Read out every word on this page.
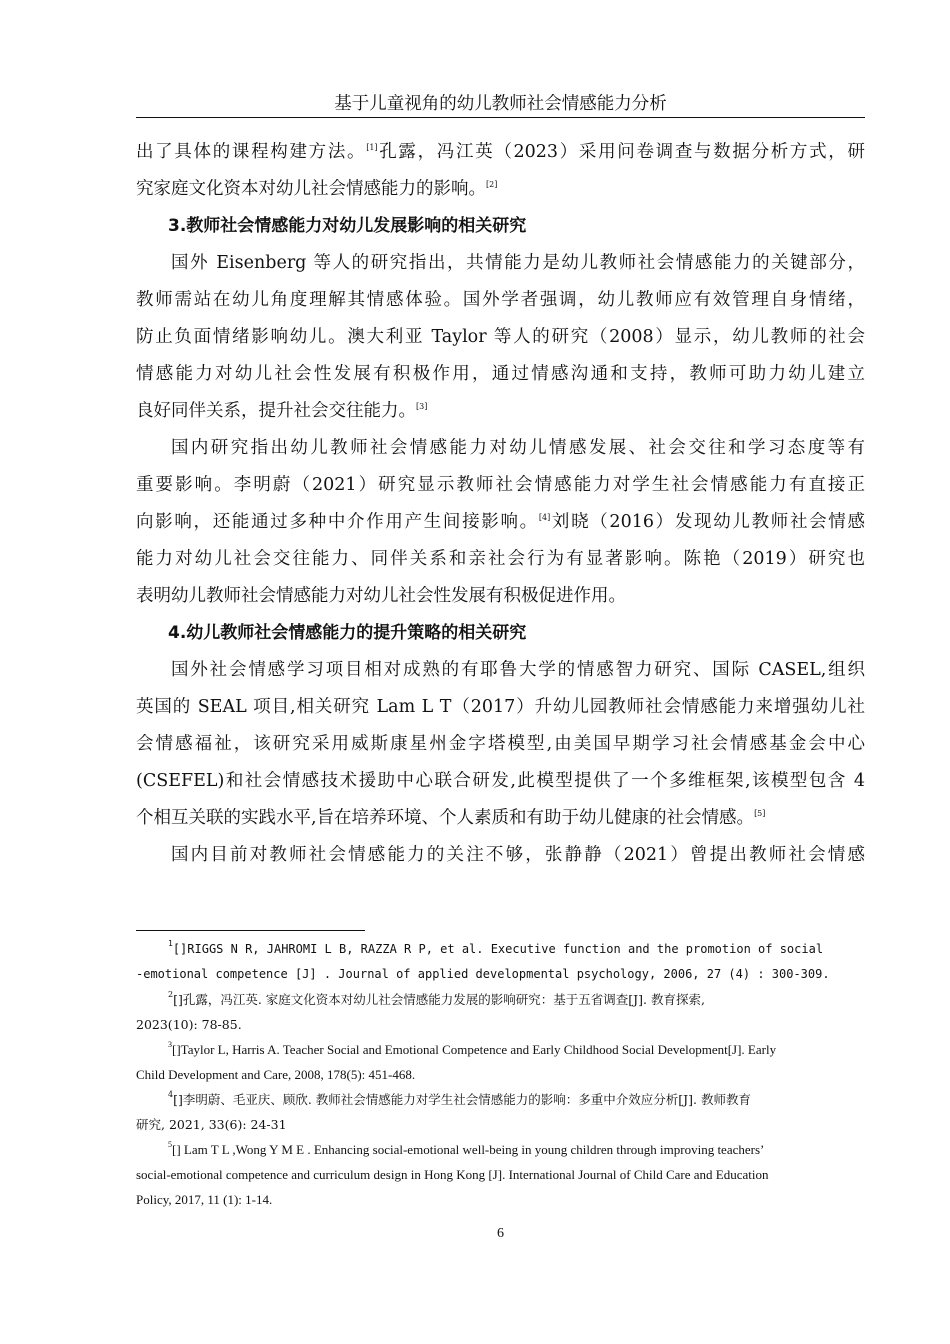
基于儿童视角的幼儿教师社会情感能力分析
出了具体的课程构建方法。[1]孔露，冯江英（2023）采用问卷调查与数据分析方式，研
究家庭文化资本对幼儿社会情感能力的影响。[2]
3.教师社会情感能力对幼儿发展影响的相关研究
国外 Eisenberg 等人的研究指出，共情能力是幼儿教师社会情感能力的关键部分，
教师需站在幼儿角度理解其情感体验。国外学者强调，幼儿教师应有效管理自身情绪，
防止负面情绪影响幼儿。澳大利亚 Taylor 等人的研究（2008）显示，幼儿教师的社会
情感能力对幼儿社会性发展有积极作用，通过情感沟通和支持，教师可助力幼儿建立
良好同伴关系，提升社会交往能力。[3]
国内研究指出幼儿教师社会情感能力对幼儿情感发展、社会交往和学习态度等有
重要影响。李明蔚（2021）研究显示教师社会情感能力对学生社会情感能力有直接正
向影响，还能通过多种中介作用产生间接影响。[4]刘晓（2016）发现幼儿教师社会情感
能力对幼儿社会交往能力、同伴关系和亲社会行为有显著影响。陈艳（2019）研究也
表明幼儿教师社会情感能力对幼儿社会性发展有积极促进作用。
4.幼儿教师社会情感能力的提升策略的相关研究
国外社会情感学习项目相对成熟的有耶鲁大学的情感智力研究、国际 CASEL,组织
英国的 SEAL 项目,相关研究 Lam L T（2017）升幼儿园教师社会情感能力来增强幼儿社
会情感福祉，该研究采用威斯康星州金字塔模型,由美国早期学习社会情感基金会中心
(CSEFEL)和社会情感技术援助中心联合研发,此模型提供了一个多维框架,该模型包含 4
个相互关联的实践水平,旨在培养环境、个人素质和有助于幼儿健康的社会情感。[5]
国内目前对教师社会情感能力的关注不够，张静静（2021）曾提出教师社会情感
$^1$[]RIGGS N R, JAHROMI L B, RAZZA R P, et al. Executive function and the promotion of social
-emotional competence [J] . Journal of applied developmental psychology, 2006, 27 (4) : 300-309.
$^2$[]孔露，冯江英. 家庭文化资本对幼儿社会情感能力发展的影响研究：基于五省调查[J]. 教育探索,
2023(10): 78-85.
$^3$[]Taylor L, Harris A. Teacher Social and Emotional Competence and Early Childhood Social Development[J]. Early
Child Development and Care, 2008, 178(5): 451-468.
$^4$[]李明蔚、毛亚庆、顾欣. 教师社会情感能力对学生社会情感能力的影响：多重中介效应分析[J]. 教师教育
研究, 2021, 33(6): 24-31
$^5$[] Lam T L ,Wong Y M E . Enhancing social-emotional well-being in young children through improving teachers’
social-emotional competence and curriculum design in Hong Kong [J]. International Journal of Child Care and Education
Policy, 2017, 11 (1): 1-14.
6
